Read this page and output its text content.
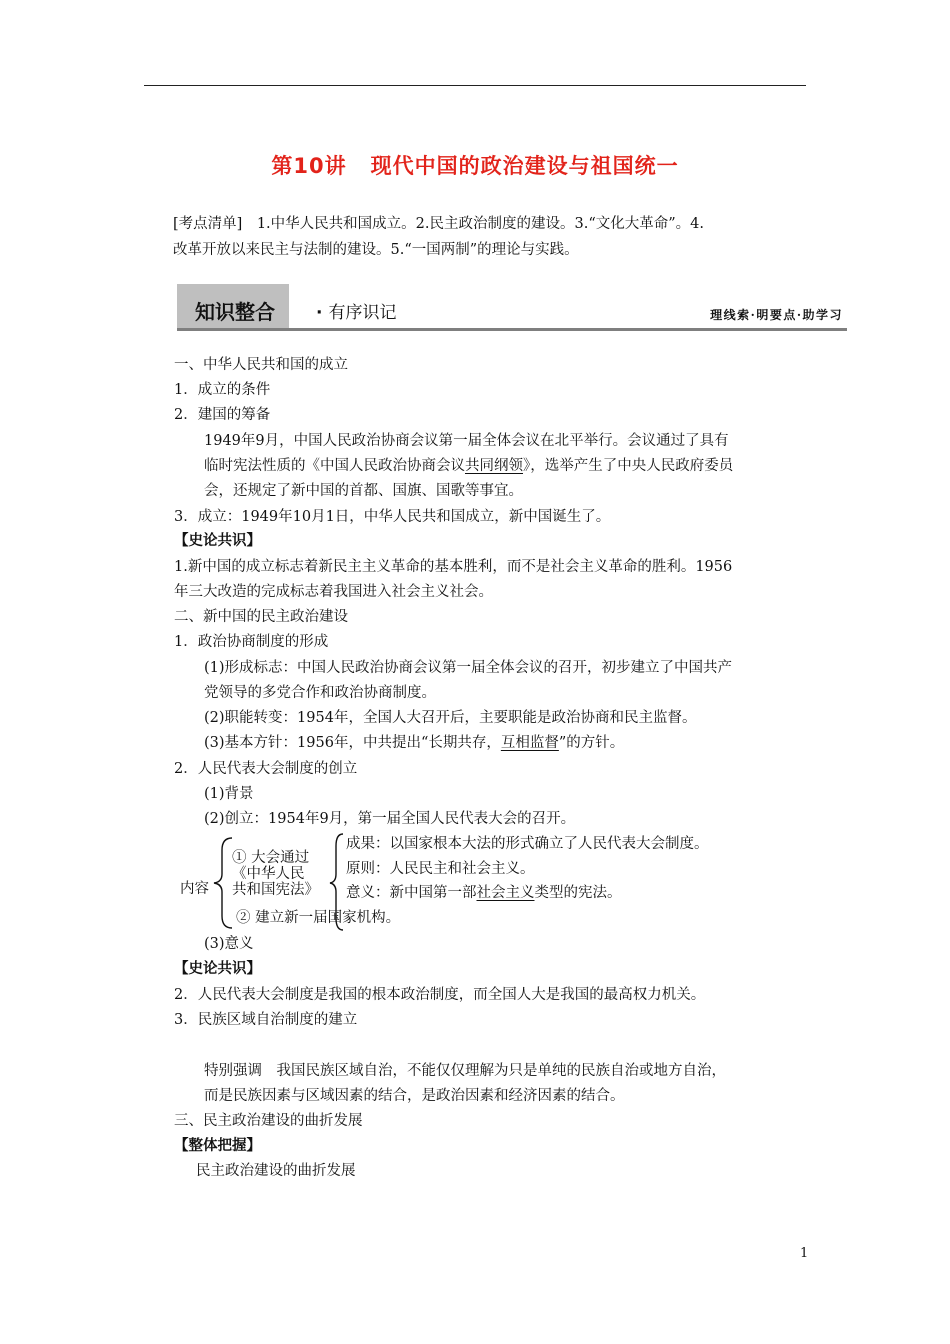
第10讲 现代中国的政治建设与祖国统一
[考点清单]　1.中华人民共和国成立。2.民主政治制度的建设。3.“文化大革命”。4.
改革开放以来民主与法制的建设。5.“一国两制”的理论与实践。
知识整合	· 有序识记	理线索·明要点·助学习
一、中华人民共和国的成立
1．成立的条件
2．建国的筹备
1949年9月，中国人民政治协商会议第一届全体会议在北平举行。会议通过了具有
临时宪法性质的《中国人民政治协商会议共同纲领》，选举产生了中央人民政府委员
会，还规定了新中国的首都、国旗、国歌等事宜。
3．成立：1949年10月1日，中华人民共和国成立，新中国诞生了。
【史论共识】
1.新中国的成立标志着新民主主义革命的基本胜利，而不是社会主义革命的胜利。1956
年三大改造的完成标志着我国进入社会主义社会。
二、新中国的民主政治建设
1．政治协商制度的形成
(1)形成标志：中国人民政治协商会议第一届全体会议的召开，初步建立了中国共产
党领导的多党合作和政治协商制度。
(2)职能转变：1954年，全国人大召开后，主要职能是政治协商和民主监督。
(3)基本方针：1956年，中共提出“长期共存，互相监督”的方针。
2．人民代表大会制度的创立
(1)背景
(2)创立：1954年9月，第一届全国人民代表大会的召开。
内容
① 大会通过
《中华人民
共和国宪法》
成果：以国家根本大法的形式确立了人民代表大会制度。
原则：人民民主和社会主义。
意义：新中国第一部社会主义类型的宪法。
② 建立新一届国家机构。
(3)意义
【史论共识】
2．人民代表大会制度是我国的根本政治制度，而全国人大是我国的最高权力机关。
3．民族区域自治制度的建立
特别强调　我国民族区域自治，不能仅仅理解为只是单纯的民族自治或地方自治，
而是民族因素与区域因素的结合，是政治因素和经济因素的结合。
三、民主政治建设的曲折发展
【整体把握】
民主政治建设的曲折发展
1
